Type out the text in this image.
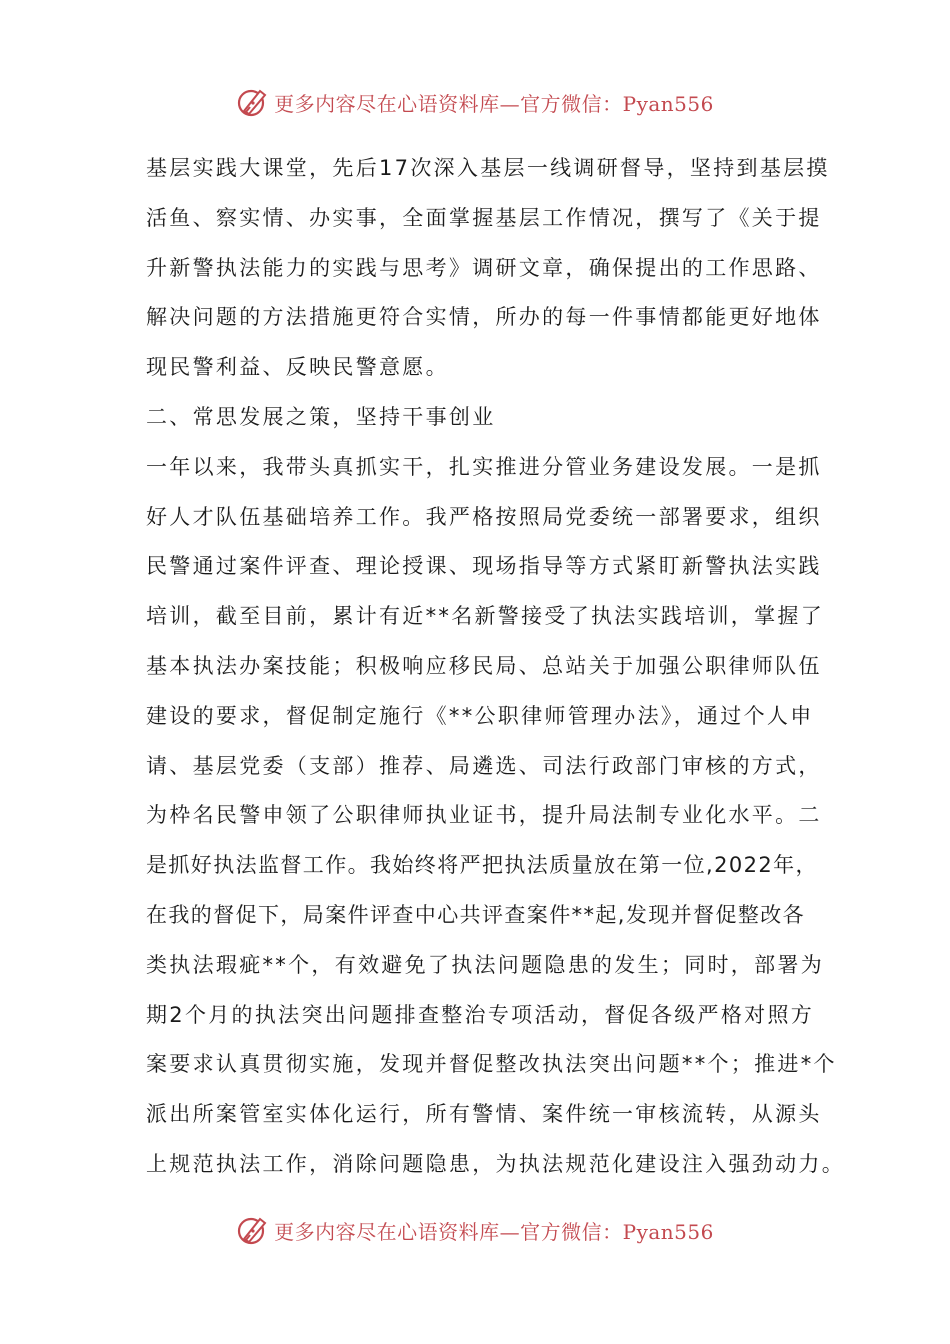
更多内容尽在心语资料库—官方微信：Pyan556
基层实践大课堂，先后17次深入基层一线调研督导，坚持到基层摸
活鱼、察实情、办实事，全面掌握基层工作情况，撰写了《关于提
升新警执法能力的实践与思考》调研文章，确保提出的工作思路、
解决问题的方法措施更符合实情，所办的每一件事情都能更好地体
现民警利益、反映民警意愿。
二、常思发展之策，坚持干事创业
一年以来，我带头真抓实干，扎实推进分管业务建设发展。一是抓
好人才队伍基础培养工作。我严格按照局党委统一部署要求，组织
民警通过案件评查、理论授课、现场指导等方式紧盯新警执法实践
培训，截至目前，累计有近**名新警接受了执法实践培训，掌握了
基本执法办案技能；积极响应移民局、总站关于加强公职律师队伍
建设的要求，督促制定施行《**公职律师管理办法》，通过个人申
请、基层党委（支部）推荐、局遴选、司法行政部门审核的方式，
为枠名民警申领了公职律师执业证书，提升局法制专业化水平。二
是抓好执法监督工作。我始终将严把执法质量放在第一位,2022年，
在我的督促下，局案件评查中心共评查案件**起,发现并督促整改各
类执法瑕疵**个，有效避免了执法问题隐患的发生；同时，部署为
期2个月的执法突出问题排查整治专项活动，督促各级严格对照方
案要求认真贯彻实施，发现并督促整改执法突出问题**个；推进*个
派出所案管室实体化运行，所有警情、案件统一审核流转，从源头
上规范执法工作，消除问题隐患，为执法规范化建设注入强劲动力。
更多内容尽在心语资料库—官方微信：Pyan556
